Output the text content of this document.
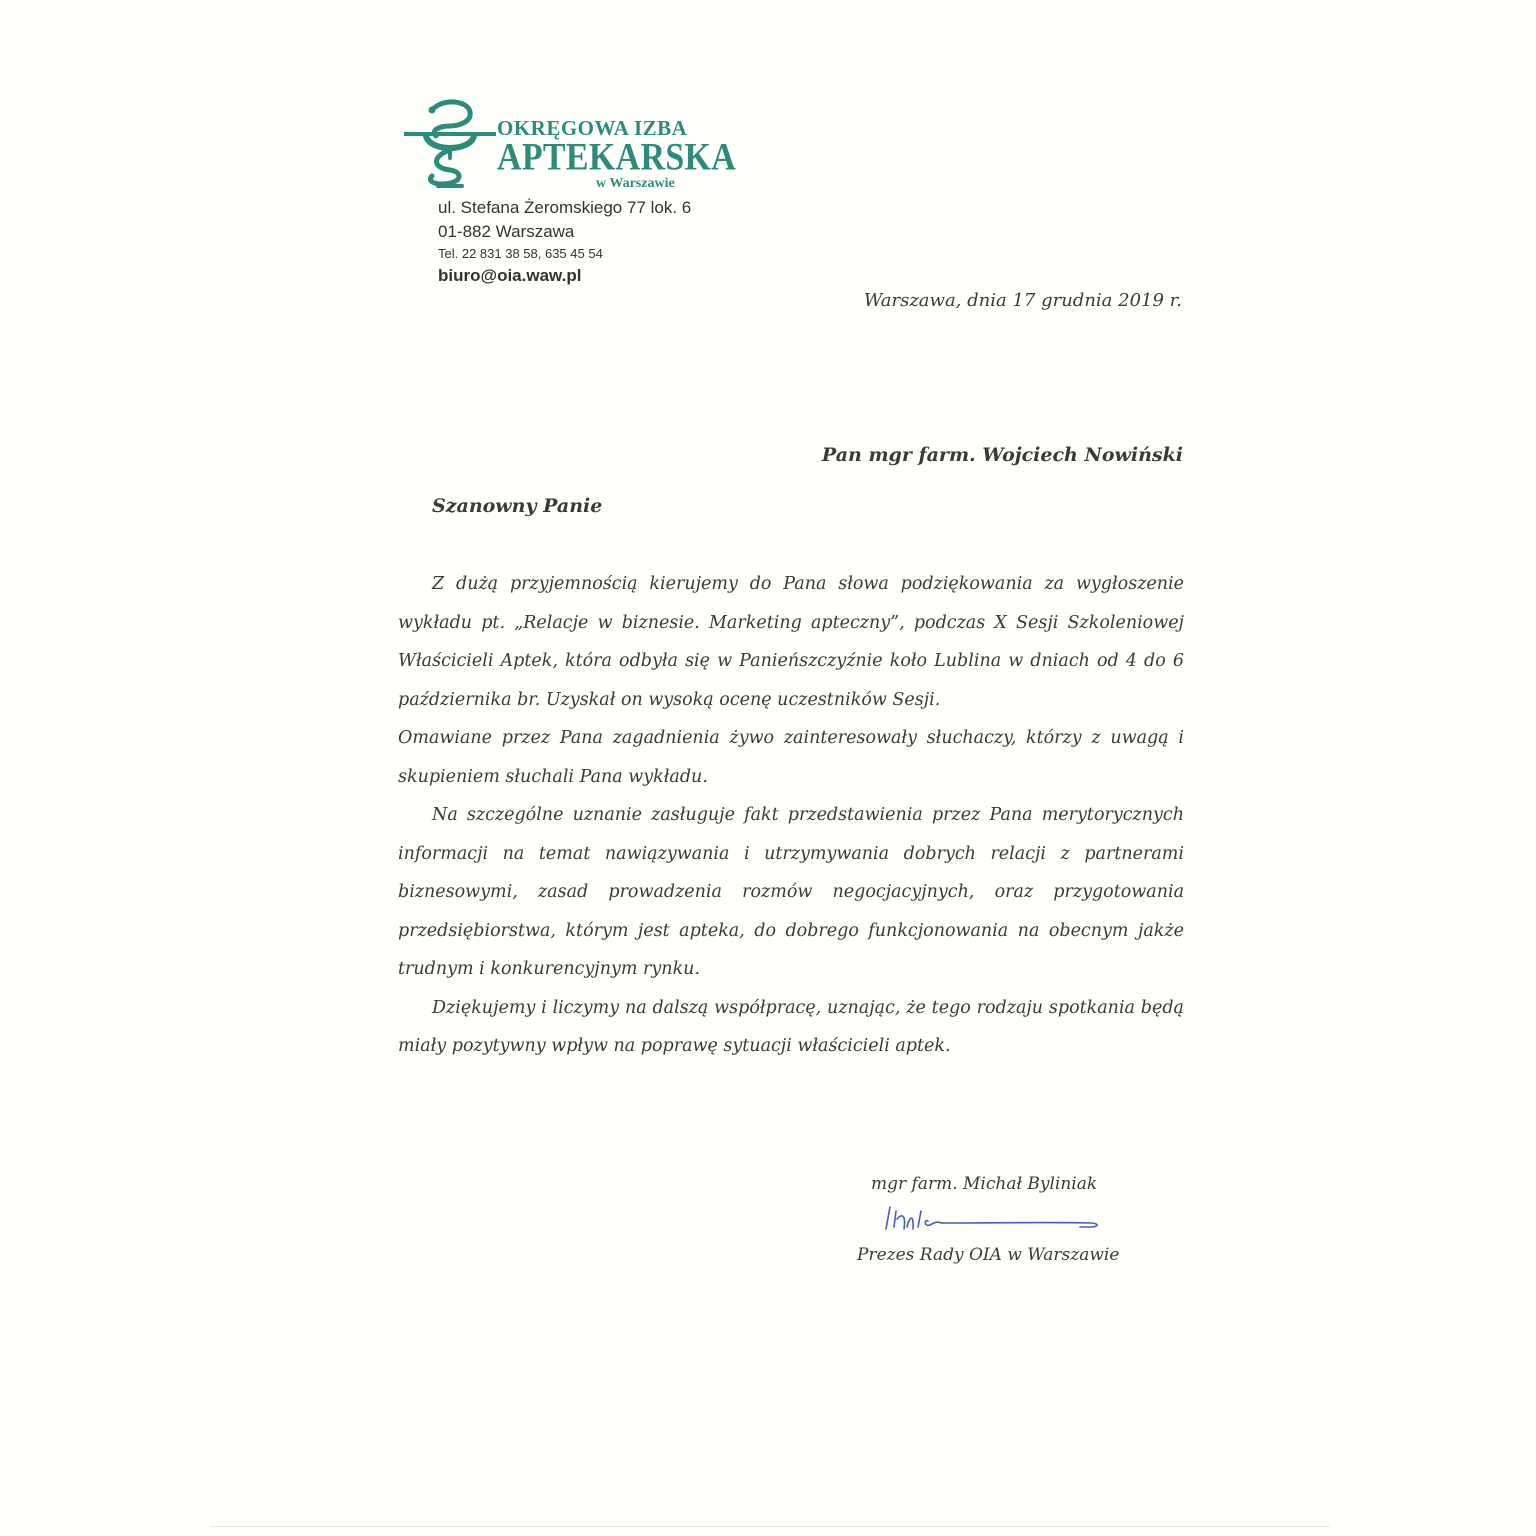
OKRĘGOWA IZBA
APTEKARSKA
w Warszawie
ul. Stefana Żeromskiego 77 lok. 6
01-882 Warszawa
Tel. 22 831 38 58, 635 45 54
biuro@oia.waw.pl
Warszawa, dnia 17 grudnia 2019 r.
Pan mgr farm. Wojciech Nowiński
Szanowny Panie

Z dużą przyjemnością kierujemy do Pana słowa podziękowania za wygłoszenie wykładu pt. „Relacje w biznesie. Marketing apteczny”, podczas X Sesji Szkoleniowej Właścicieli Aptek, która odbyła się w Panieńszczyźnie koło Lublina w dniach od 4 do 6 października br. Uzyskał on wysoką ocenę uczestników Sesji.

Omawiane przez Pana zagadnienia żywo zainteresowały słuchaczy, którzy z uwagą i skupieniem słuchali Pana wykładu.

Na szczególne uznanie zasługuje fakt przedstawienia przez Pana merytorycznych informacji na temat nawiązywania i utrzymywania dobrych relacji z partnerami biznesowymi, zasad prowadzenia rozmów negocjacyjnych, oraz przygotowania przedsiębiorstwa, którym jest apteka, do dobrego funkcjonowania na obecnym jakże trudnym i konkurencyjnym rynku.

Dziękujemy i liczymy na dalszą współpracę, uznając, że tego rodzaju spotkania będą miały pozytywny wpływ na poprawę sytuacji właścicieli aptek.

mgr farm. Michał Byliniak
Prezes Rady OIA w Warszawie
